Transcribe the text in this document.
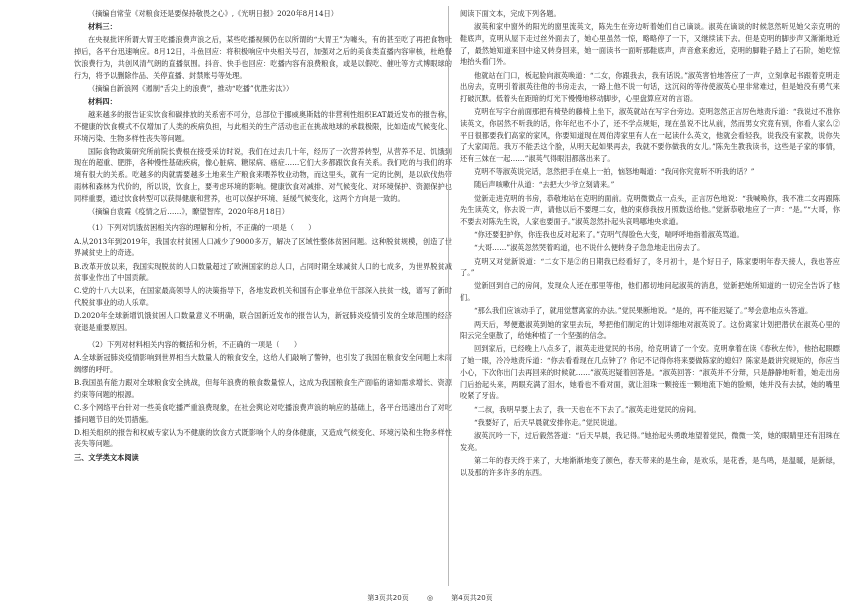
（摘编自常莹《对粮食还是要保持敬畏之心》,《光明日报》2020年8月14日）

材料三：

在央视批评所谓大胃王吃播浪费声浪之后，某些吃播视频仍在以所谓的“大胃王”为噱头，有的甚至吃了再把食物吐掉后，各平台迅速响应。8月12日，斗鱼回应：将积极响应中央相关号召，加强对之后的美食类直播内容审核，杜绝餐饮浪费行为，共创风清气朗的直播氛围。抖音、快手也回应：吃播内容有浪费粮食，或是以假吃、催吐等方式博眼球的行为，将予以删除作品、关停直播、封禁账号等处理。

（摘编自新浪网《遏制“舌尖上的浪费”，推动“吃播”优胜劣汰》）

材料四：

越来越多的报告证实饮食和碳排放的关系密不可分，总部位于挪威奥斯陆的非营利性组织EAT最近发布的报告称，不健康的饮食模式不仅增加了人类的疾病负担，与此相关的生产活动也正在挑战地球的承载极限，比如造成气候变化、环境污染、生物多样性丧失等问题。

国际食物政策研究所前院长费根在接受采访时说，我们在过去几十年，经历了一次营养转型，从营养不足、饥饿到现在的超重、肥胖，各种慢性基础疾病，像心脏病、糖尿病、癌症……它们大多都跟饮食有关系。我们吃的与我们的环境有很大的关系。吃越多的肉就需要越多土地来生产粮食来喂养牧业动物，而这里头，就有一定的比例，是以砍伐热带雨林和森林为代价的，所以说，饮食上，要考虑环境的影响。健康饮食对减排、对气候变化、对环境保护、资源保护也同样重要，通过饮食转型可以获得健康和营养，也可以保护环境、延缓气候变化，这两个方向是一致的。

（摘编自袁霞《疫情之后……》，瞭望智库，2020年8月18日）

（1）下列对饥饿贫困相关内容的理解和分析，不正确的一项是（　　）

A.从2013年到2019年，我国农村贫困人口减少了9000多万，解决了区域性整体贫困问题。这种脱贫规模，创造了世界减贫史上的奇迹。

B.改革开放以来，我国实现脱贫的人口数量超过了欧洲国家的总人口，占同时期全球减贫人口的七成多，为世界脱贫减贫事业作出了中国贡献。

C.党的十八大以来，在国家最高领导人的决策指导下，各地发政机关和国有企事业单位干部深入扶贫一线，谱写了新时代脱贫事业的动人乐章。

D.2020年全球新增饥饿贫困人口数量意义不明确，联合国新近发布的报告认为，新冠肺炎疫情引发的全球范围的经济衰退是重要原因。

（2）下列对材料相关内容的概括和分析，不正确的一项是（　　）

A.全球新冠肺炎疫情影响到世界相当大数量人的粮食安全，这给人们敲响了警钟，也引发了我国在粮食安全问题上未雨绸缪的呼吁。

B.我国虽有能力跟对全球粮食安全挑战，但每年浪费的粮食数量惊人，这成为我国粮食生产面临的诸如需求增长、资源约束等问题的根源。

C.多个网络平台针对一些美食吃播严重浪费现象，在社会舆论对吃播浪费声浪的响应的基础上，各平台迅速出台了对吃播问题节目的处罚措施。

D.相关组织的报告和权威专家认为不健康的饮食方式既影响个人的身体健康，又造成气候变化、环境污染和生物多样性丧失等问题。

三、文学类文本阅读

阅读下面文本，完成下列各题。

淑英和家中窗外的阳光的窗里流英文，陈先生在旁边听着她们自己谪谈。淑英在谪谈的时候忽然听见她父亲克明的鞋底声，克明从屋下走过丝外面去了，她心里虽然一惊，略略停了一下，又继续读下去。但是克明的脚步声又渐渐地近了，最然她知道来回中途又转身回来，她一面读书一面听那鞋底声，声音愈来愈近，克明的脚鞋子踏上了石阶，她吃惊地抬头看门外。

他就站在门口，板起脸向淑英唤道：“二女，你跟我去，我有话说。”淑英害怕地答应了一声，立刻拿起书跟着克明走出房去，克明引着淑英往他的书房走去，一路上他不说一句话，这沉闷的等待使淑英心里非常难过，但是她没有勇气来打破沉默。低着头在距暗的灯光下慢慢地移动脚步，心里盘算应对的言语。

克明在写字台前面那把有椅垫的藤椅上坐下，淑英就站在写字台旁边。克明忽然正言厉色地责斥道：“我说过不准你读英文，你居然不听我的话，你年纪也不小了，还不学点规矩，现在虽说不比从前，然而男女究竟有别，你看人家么②平日很都要我们高家的家风，你要知道现在周伯涛家里有人在一起读什么英文，他就会看轻我，说我没有家教，说你失了大家闺范。我万不能丢这个脸，从明天起如果再去，我就不要你做我的女儿。”陈先生教我读书，这些是子家的事情，还有三妹在一起……”淑英气得眼泪都落出来了。

克明不等淑英说完话，忽然把手在桌上一拍，恼怒地喝道：“我问你究竟听不听我的话？”

随后声咳嗽什从道：“去把大少爷立刻请来。”

觉新走进克明的书房，恭敬地站在克明的面前。克明微微点一点头，正言厉色地说：“我喊唤你，我不准二女再跟陈先生读英文，你去说一声，请他以后不要理二女，他的束修我按月照数送给他。”觉新恭敬地应了一声：“是。”“大哥，你不要去对陈先生说，人家也要面子。”淑英忽然扑起头哀鸣哪地央求道。

“你还要犯护你，你连我也反对起来了。”克明气得脸色大变，喘呼呼地指着淑英骂道。

“大哥……”淑英忽然哭着呜道，也不说什么便转身子急急地走出房去了。

克明又对觉新说道：“二女下是②的日期我已经看好了，冬月初十，是个好日子，陈家要明年春天接人，我也答应了。”

觉新回到自己的房间，发现众人还在那里等他，他们都切地问起淑英的消息，觉新把她所知道的一切完全告诉了他们。

“那么我们应该动手了，就用觉慧离家的办法。”觉民果断地说。“是的，再不能迟疑了。”琴会意地点头答道。

两天后，琴便邀淑英到她的家里去玩，琴把他们制定的计划详细地对淑英说了。这份离家计划把潜伏在淑英心里的阳云完全驱散了，给她种植了一个坚强的信念。

回到家后，已经晚上八点多了，淑英走进觉民的书房，给克明请了一个安。克明拿着在读《春秋左传》，他抬起眼瞟了她一眼，冷冷地责斥道：“你去看看现在几点钟了？你记不记得你将来要做陈家的媳妇？陈家是最讲究规矩的，你应当小心，下次你出门去再回来的时候就……”淑英迟疑着回答是。“淑英回答：“淑英并不分辩，只是静静地听着，她走出房门后抬起头来，两眼充满了泪水，她看也不看对面，就让泪珠一颗接连一颗地流下她的脸颊，她并没有去拭，她的嘴里咬紧了牙齿。

“二叔，我明早要上去了，我一天也在不下去了。”淑英走进觉民的房间。

“我要好了，后天早晨就安排你走。”觉民说道。

淑英沉吟一下，过后毅然答道：“后天早晨，我记得。”她抬起头勇敢地望着觉民，微微一笑，她的眼睛里还有泪珠在发亮。

第二年的春天终于来了，大地渐渐地变了颜色，春天带来的是生命，是欢乐，是花香，是鸟鸣，是温暖，是新绿，以及那的许多许多的东西。

第3页共20页	◎	第4页共20页
